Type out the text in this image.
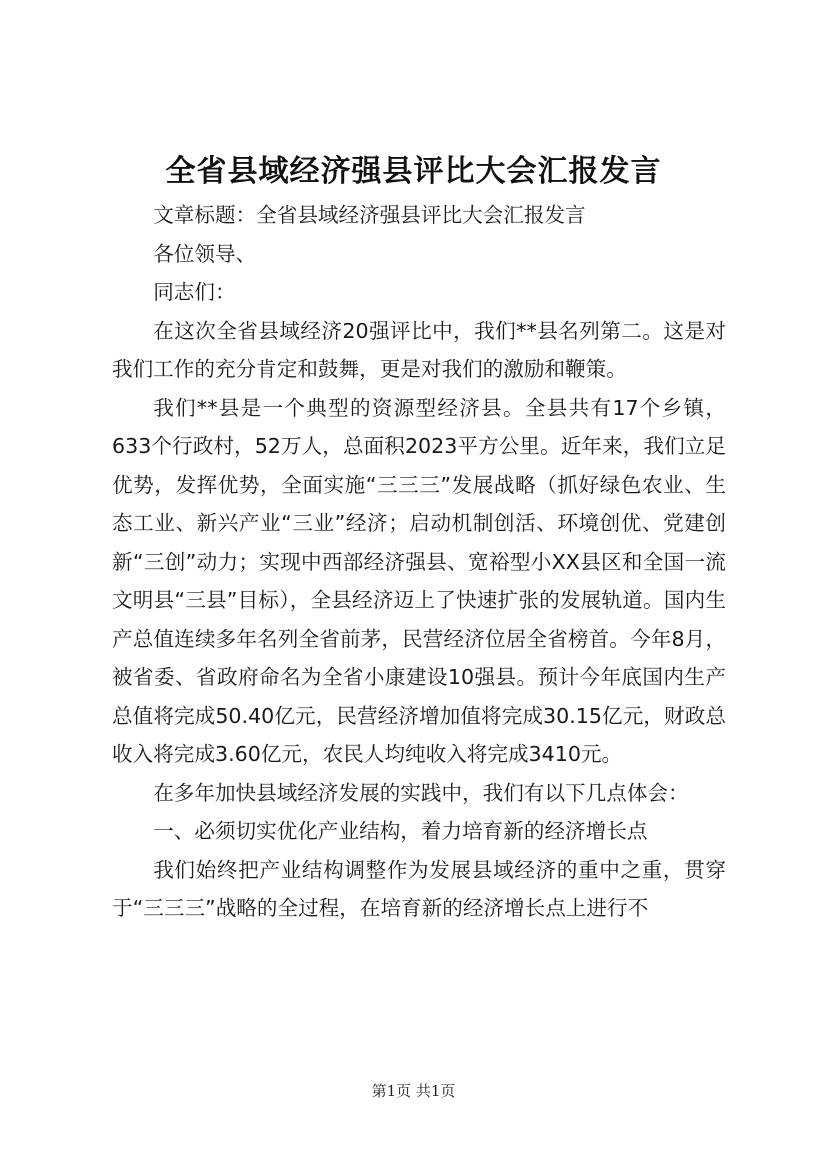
全省县域经济强县评比大会汇报发言

文章标题：全省县域经济强县评比大会汇报发言

各位领导、

同志们：

在这次全省县域经济20强评比中，我们**县名列第二。这是对我们工作的充分肯定和鼓舞，更是对我们的激励和鞭策。

我们**县是一个典型的资源型经济县。全县共有17个乡镇，633个行政村，52万人，总面积2023平方公里。近年来，我们立足优势，发挥优势，全面实施“三三三”发展战略（抓好绿色农业、生态工业、新兴产业“三业”经济；启动机制创活、环境创优、党建创新“三创”动力；实现中西部经济强县、宽裕型小XX县区和全国一流文明县“三县”目标），全县经济迈上了快速扩张的发展轨道。国内生产总值连续多年名列全省前茅，民营经济位居全省榜首。今年8月，被省委、省政府命名为全省小康建设10强县。预计今年底国内生产总值将完成50.40亿元，民营经济增加值将完成30.15亿元，财政总收入将完成3.60亿元，农民人均纯收入将完成3410元。

在多年加快县域经济发展的实践中，我们有以下几点体会：

一、必须切实优化产业结构，着力培育新的经济增长点

我们始终把产业结构调整作为发展县域经济的重中之重，贯穿于“三三三”战略的全过程，在培育新的经济增长点上进行不

第1页 共1页
